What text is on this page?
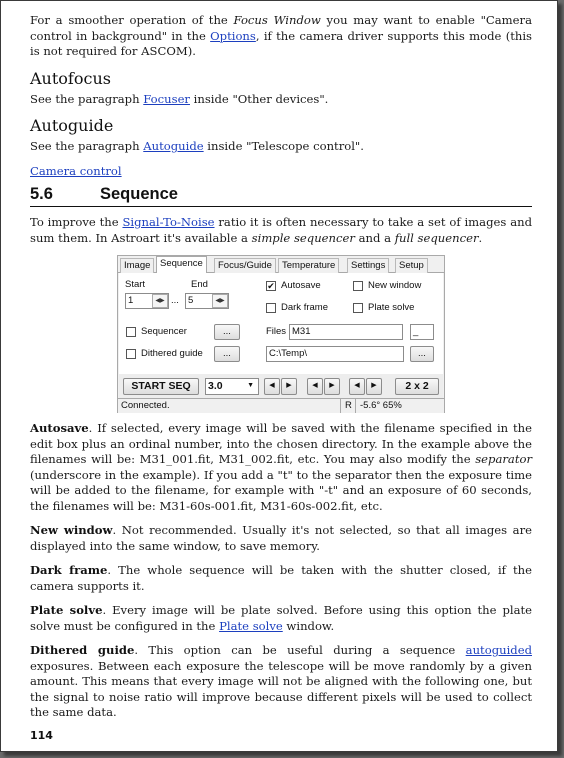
For a smoother operation of the Focus Window you may want to enable "Camera control in background" in the Options, if the camera driver supports this mode (this is not required for ASCOM).

Autofocus

See the paragraph Focuser inside "Other devices".

Autoguide

See the paragraph Autoguide inside "Telescope control".

Camera control

5.6	Sequence

To improve the Signal-To-Noise ratio it is often necessary to take a set of images and sum them. In Astroart it's available a simple sequencer and a full sequencer.

Image	Sequence	Focus/Guide	Temperature	Settings	Setup
Start	End
1	◀▶ ... 5	◀▶
Sequencer	...
Dithered guide	...
✔ Autosave	New window
Dark frame	Plate solve
Files M31	_
C:\Temp\	...
START SEQ	3.0	▼	◀	▶	◀	▶	◀	▶	2 x 2
Connected.	R -5.6° 65%

Autosave. If selected, every image will be saved with the filename specified in the edit box plus an ordinal number, into the chosen directory. In the example above the filenames will be: M31_001.fit, M31_002.fit, etc. You may also modify the separator (underscore in the example). If you add a "t" to the separator then the exposure time will be added to the filename, for example with "-t" and an exposure of 60 seconds, the filenames will be: M31-60s-001.fit, M31-60s-002.fit, etc.

New window. Not recommended. Usually it's not selected, so that all images are displayed into the same window, to save memory.

Dark frame. The whole sequence will be taken with the shutter closed, if the camera supports it.

Plate solve. Every image will be plate solved. Before using this option the plate solve must be configured in the Plate solve window.

Dithered guide. This option can be useful during a sequence autoguided exposures. Between each exposure the telescope will be move randomly by a given amount. This means that every image will not be aligned with the following one, but the signal to noise ratio will improve because different pixels will be used to collect the same data.

114
